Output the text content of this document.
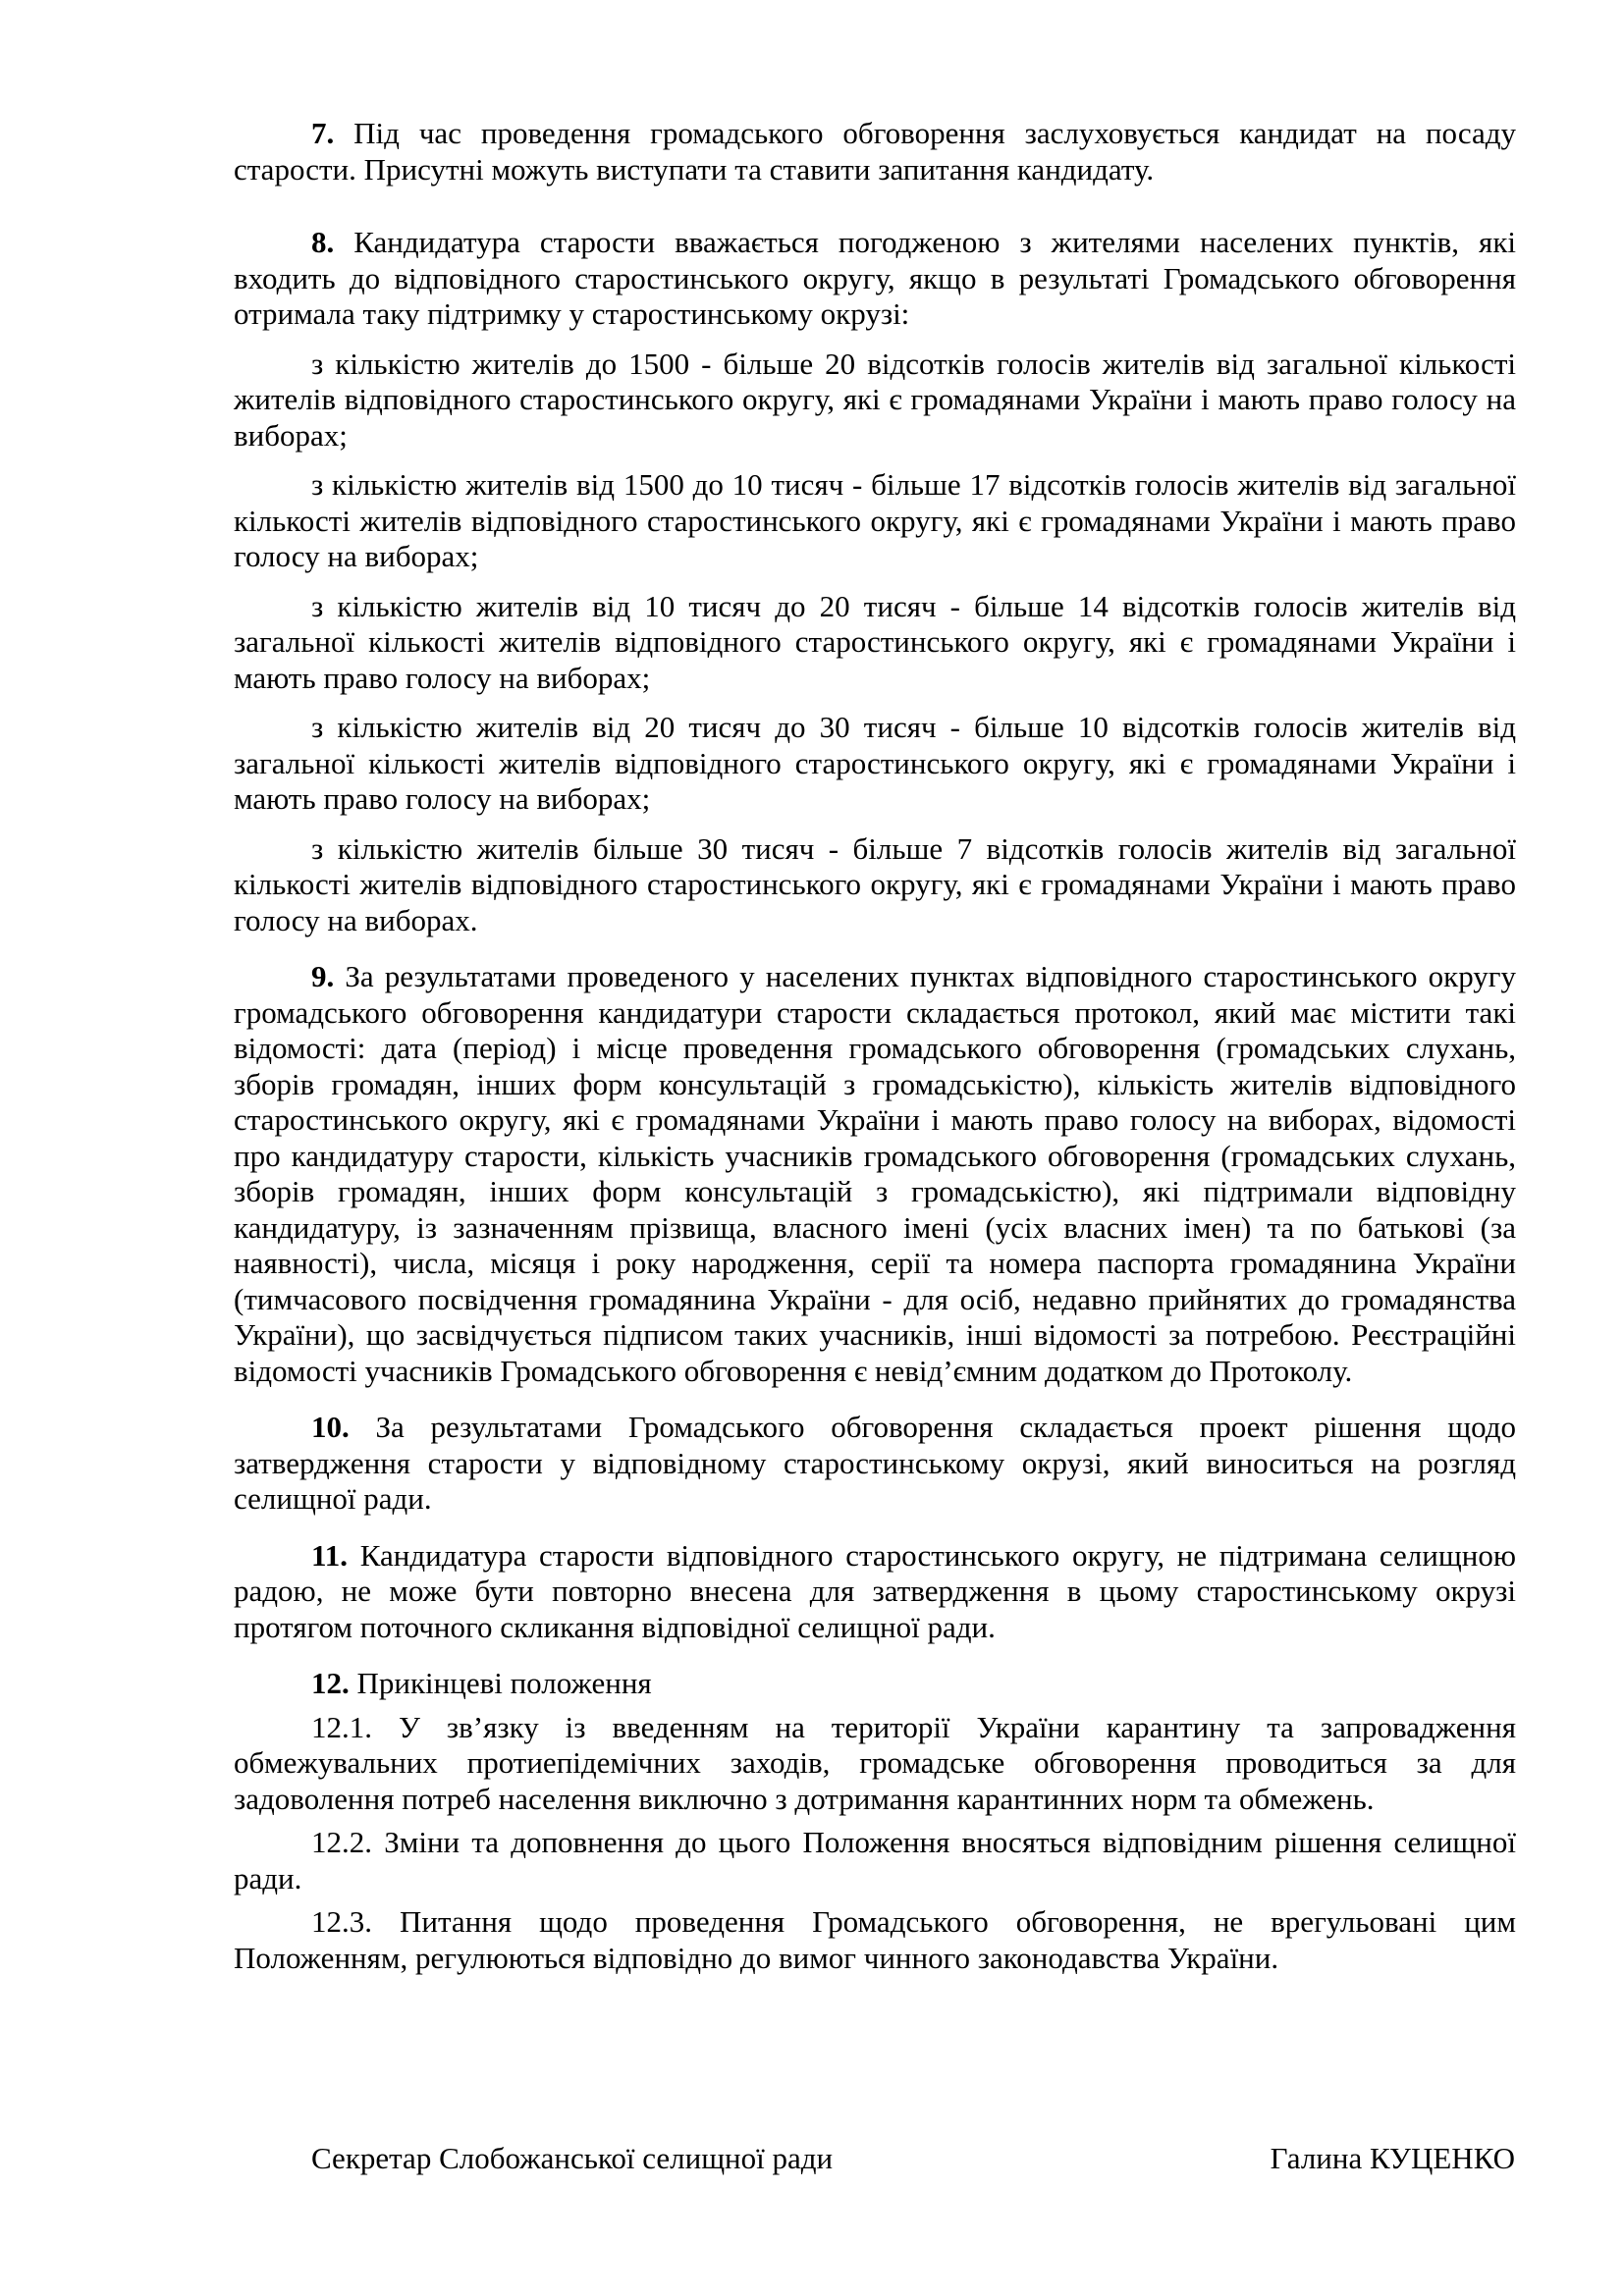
7. Під час проведення громадського обговорення заслуховується кандидат на посаду старости. Присутні можуть виступати та ставити запитання кандидату.

8. Кандидатура старости вважається погодженою з жителями населених пунктів, які входить до відповідного старостинського округу, якщо в результаті Громадського обговорення отримала таку підтримку у старостинському окрузі:

з кількістю жителів до 1500 - більше 20 відсотків голосів жителів від загальної кількості жителів відповідного старостинського округу, які є громадянами України і мають право голосу на виборах;

з кількістю жителів від 1500 до 10 тисяч - більше 17 відсотків голосів жителів від загальної кількості жителів відповідного старостинського округу, які є громадянами України і мають право голосу на виборах;

з кількістю жителів від 10 тисяч до 20 тисяч - більше 14 відсотків голосів жителів від загальної кількості жителів відповідного старостинського округу, які є громадянами України і мають право голосу на виборах;

з кількістю жителів від 20 тисяч до 30 тисяч - більше 10 відсотків голосів жителів від загальної кількості жителів відповідного старостинського округу, які є громадянами України і мають право голосу на виборах;

з кількістю жителів більше 30 тисяч - більше 7 відсотків голосів жителів від загальної кількості жителів відповідного старостинського округу, які є громадянами України і мають право голосу на виборах.

9. За результатами проведеного у населених пунктах відповідного старостинського округу громадського обговорення кандидатури старости складається протокол, який має містити такі відомості: дата (період) і місце проведення громадського обговорення (громадських слухань, зборів громадян, інших форм консультацій з громадськістю), кількість жителів відповідного старостинського округу, які є громадянами України і мають право голосу на виборах, відомості про кандидатуру старости, кількість учасників громадського обговорення (громадських слухань, зборів громадян, інших форм консультацій з громадськістю), які підтримали відповідну кандидатуру, із зазначенням прізвища, власного імені (усіх власних імен) та по батькові (за наявності), числа, місяця і року народження, серії та номера паспорта громадянина України (тимчасового посвідчення громадянина України - для осіб, недавно прийнятих до громадянства України), що засвідчується підписом таких учасників, інші відомості за потребою. Реєстраційні відомості учасників Громадського обговорення є невід’ємним додатком до Протоколу.

10. За результатами Громадського обговорення складається проект рішення щодо затвердження старости у відповідному старостинському окрузі, який виноситься на розгляд селищної ради.

11. Кандидатура старости відповідного старостинського округу, не підтримана селищною радою, не може бути повторно внесена для затвердження в цьому старостинському окрузі протягом поточного скликання відповідної селищної ради.

12. Прикінцеві положення

12.1. У зв’язку із введенням на території України карантину та запровадження обмежувальних протиепідемічних заходів, громадське обговорення проводиться за для задоволення потреб населення виключно з дотримання карантинних норм та обмежень.

12.2. Зміни та доповнення до цього Положення вносяться відповідним рішення селищної ради.

12.3. Питання щодо проведення Громадського обговорення, не врегульовані цим Положенням, регулюються відповідно до вимог чинного законодавства України.

Секретар Слобожанської селищної ради	Галина КУЦЕНКО
